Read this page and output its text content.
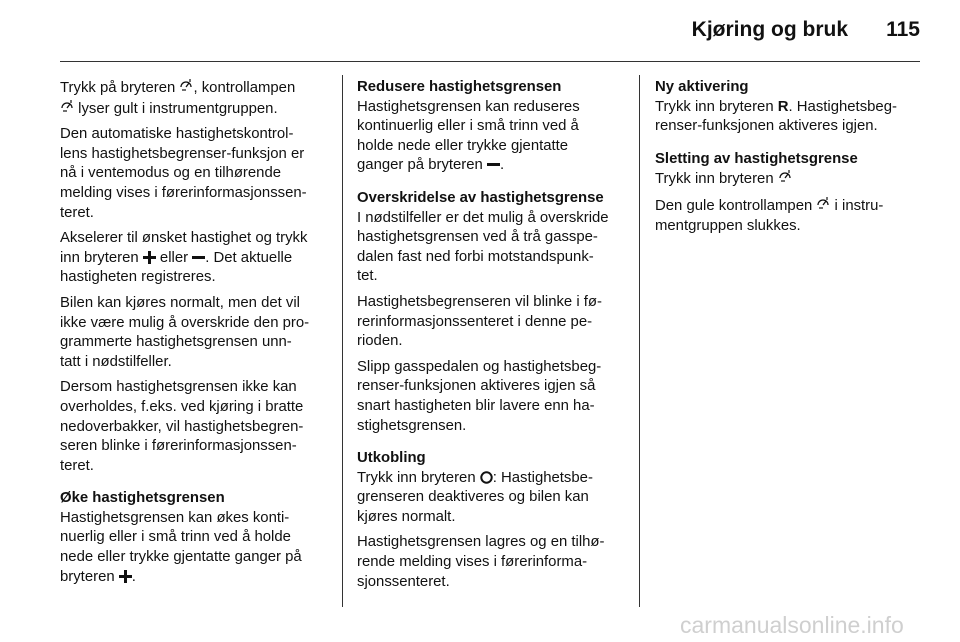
Kjøring og bruk 115

Trykk på bryteren , kontrollampen
lyser gult i instrumentgruppen.

Den automatiske hastighetskontrol-
lens hastighetsbegrenser-funksjon er
nå i ventemodus og en tilhørende
melding vises i førerinformasjonssen-
teret.

Akselerer til ønsket hastighet og trykk
inn bryteren  eller . Det aktuelle
hastigheten registreres.

Bilen kan kjøres normalt, men det vil
ikke være mulig å overskride den pro-
grammerte hastighetsgrensen unn-
tatt i nødstilfeller.

Dersom hastighetsgrensen ikke kan
overholdes, f.eks. ved kjøring i bratte
nedoverbakker, vil hastighetsbegren-
seren blinke i førerinformasjonssen-
teret.

Øke hastighetsgrensen

Hastighetsgrensen kan økes konti-
nuerlig eller i små trinn ved å holde
nede eller trykke gjentatte ganger på
bryteren .

Redusere hastighetsgrensen

Hastighetsgrensen kan reduseres
kontinuerlig eller i små trinn ved å
holde nede eller trykke gjentatte
ganger på bryteren .

Overskridelse av hastighetsgrense

I nødstilfeller er det mulig å overskride
hastighetsgrensen ved å trå gasspe-
dalen fast ned forbi motstandspunk-
tet.

Hastighetsbegrenseren vil blinke i fø-
rerinformasjonssenteret i denne pe-
rioden.

Slipp gasspedalen og hastighetsbeg-
renser-funksjonen aktiveres igjen så
snart hastigheten blir lavere enn ha-
stighetsgrensen.

Utkobling

Trykk inn bryteren : Hastighetsbe-
grenseren deaktiveres og bilen kan
kjøres normalt.

Hastighetsgrensen lagres og en tilhø-
rende melding vises i førerinforma-
sjonssenteret.

Ny aktivering

Trykk inn bryteren R. Hastighetsbeg-
renser-funksjonen aktiveres igjen.

Sletting av hastighetsgrense

Trykk inn bryteren

Den gule kontrollampen  i instru-
mentgruppen slukkes.

carmanualsonline.info
